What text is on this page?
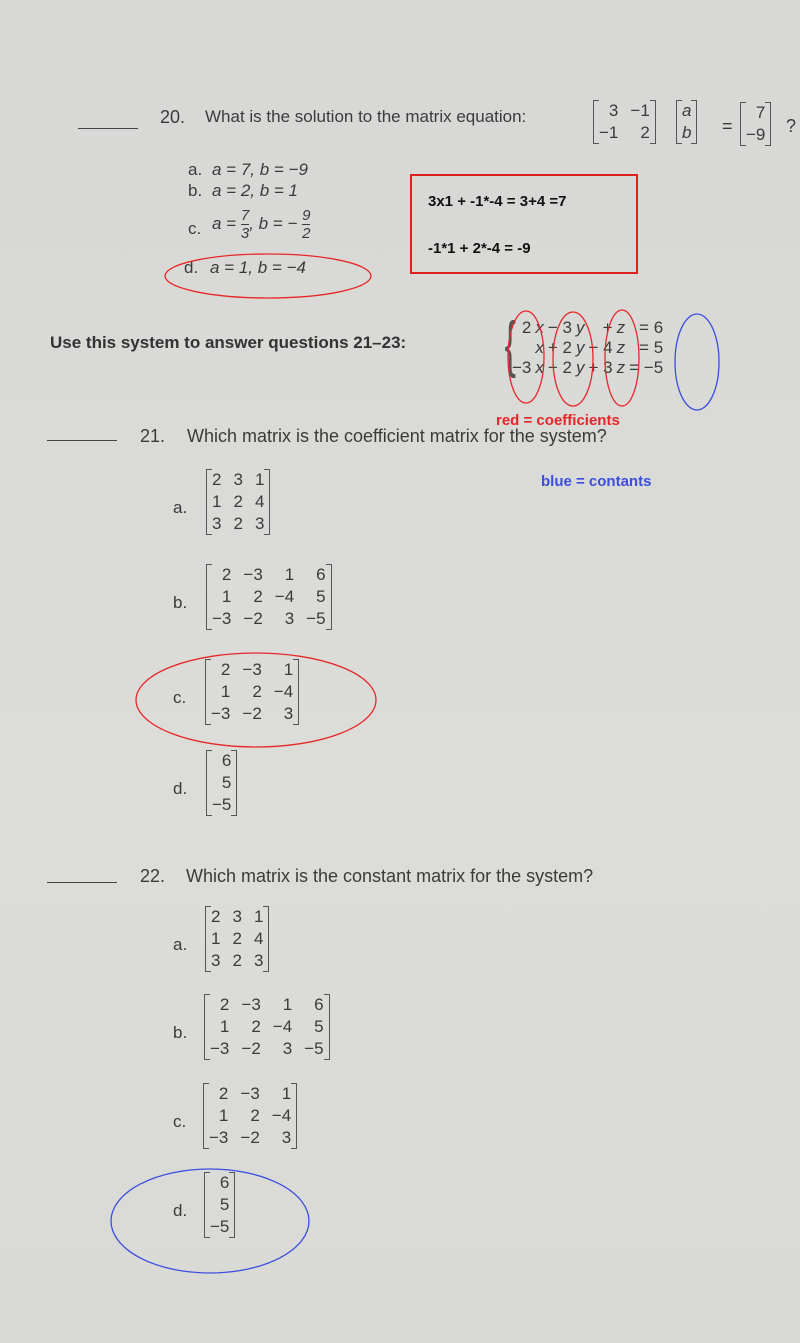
20. What is the solution to the matrix equation:	3	−1
−1	2
a
b =
7
−9 ?
a. a = 7, b = −9
b. a = 2, b = 1
c. $a = \frac{7}{3}$ , b = − $\frac{9}{2}$
d. a = 1, b = −4
3x1 + -1*-4 = 3+4 =7
-1*1 + 2*-4 = -9
Use this system to answer questions 21–23: { 2	x	− 3	y	+	z	= 6
	x	+ 2	y	− 4	z	= 5
−3	x	− 2	y	+ 3	z	= −5
red = coefficients
blue = contants
21. Which matrix is the coefficient matrix for the system?
a.
2	3	1
1	2	4
3	2	3
b.
2	−3	1	6
1	2	−4	5
−3	−2	3	−5
c.
2	−3	1
1	2	−4
−3	−2	3
d.
6
5
−5
22. Which matrix is the constant matrix for the system?
a.
2	3	1
1	2	4
3	2	3
b.
2	−3	1	6
1	2	−4	5
−3	−2	3	−5
c.
2	−3	1
1	2	−4
−3	−2	3
d.
6
5
−5
